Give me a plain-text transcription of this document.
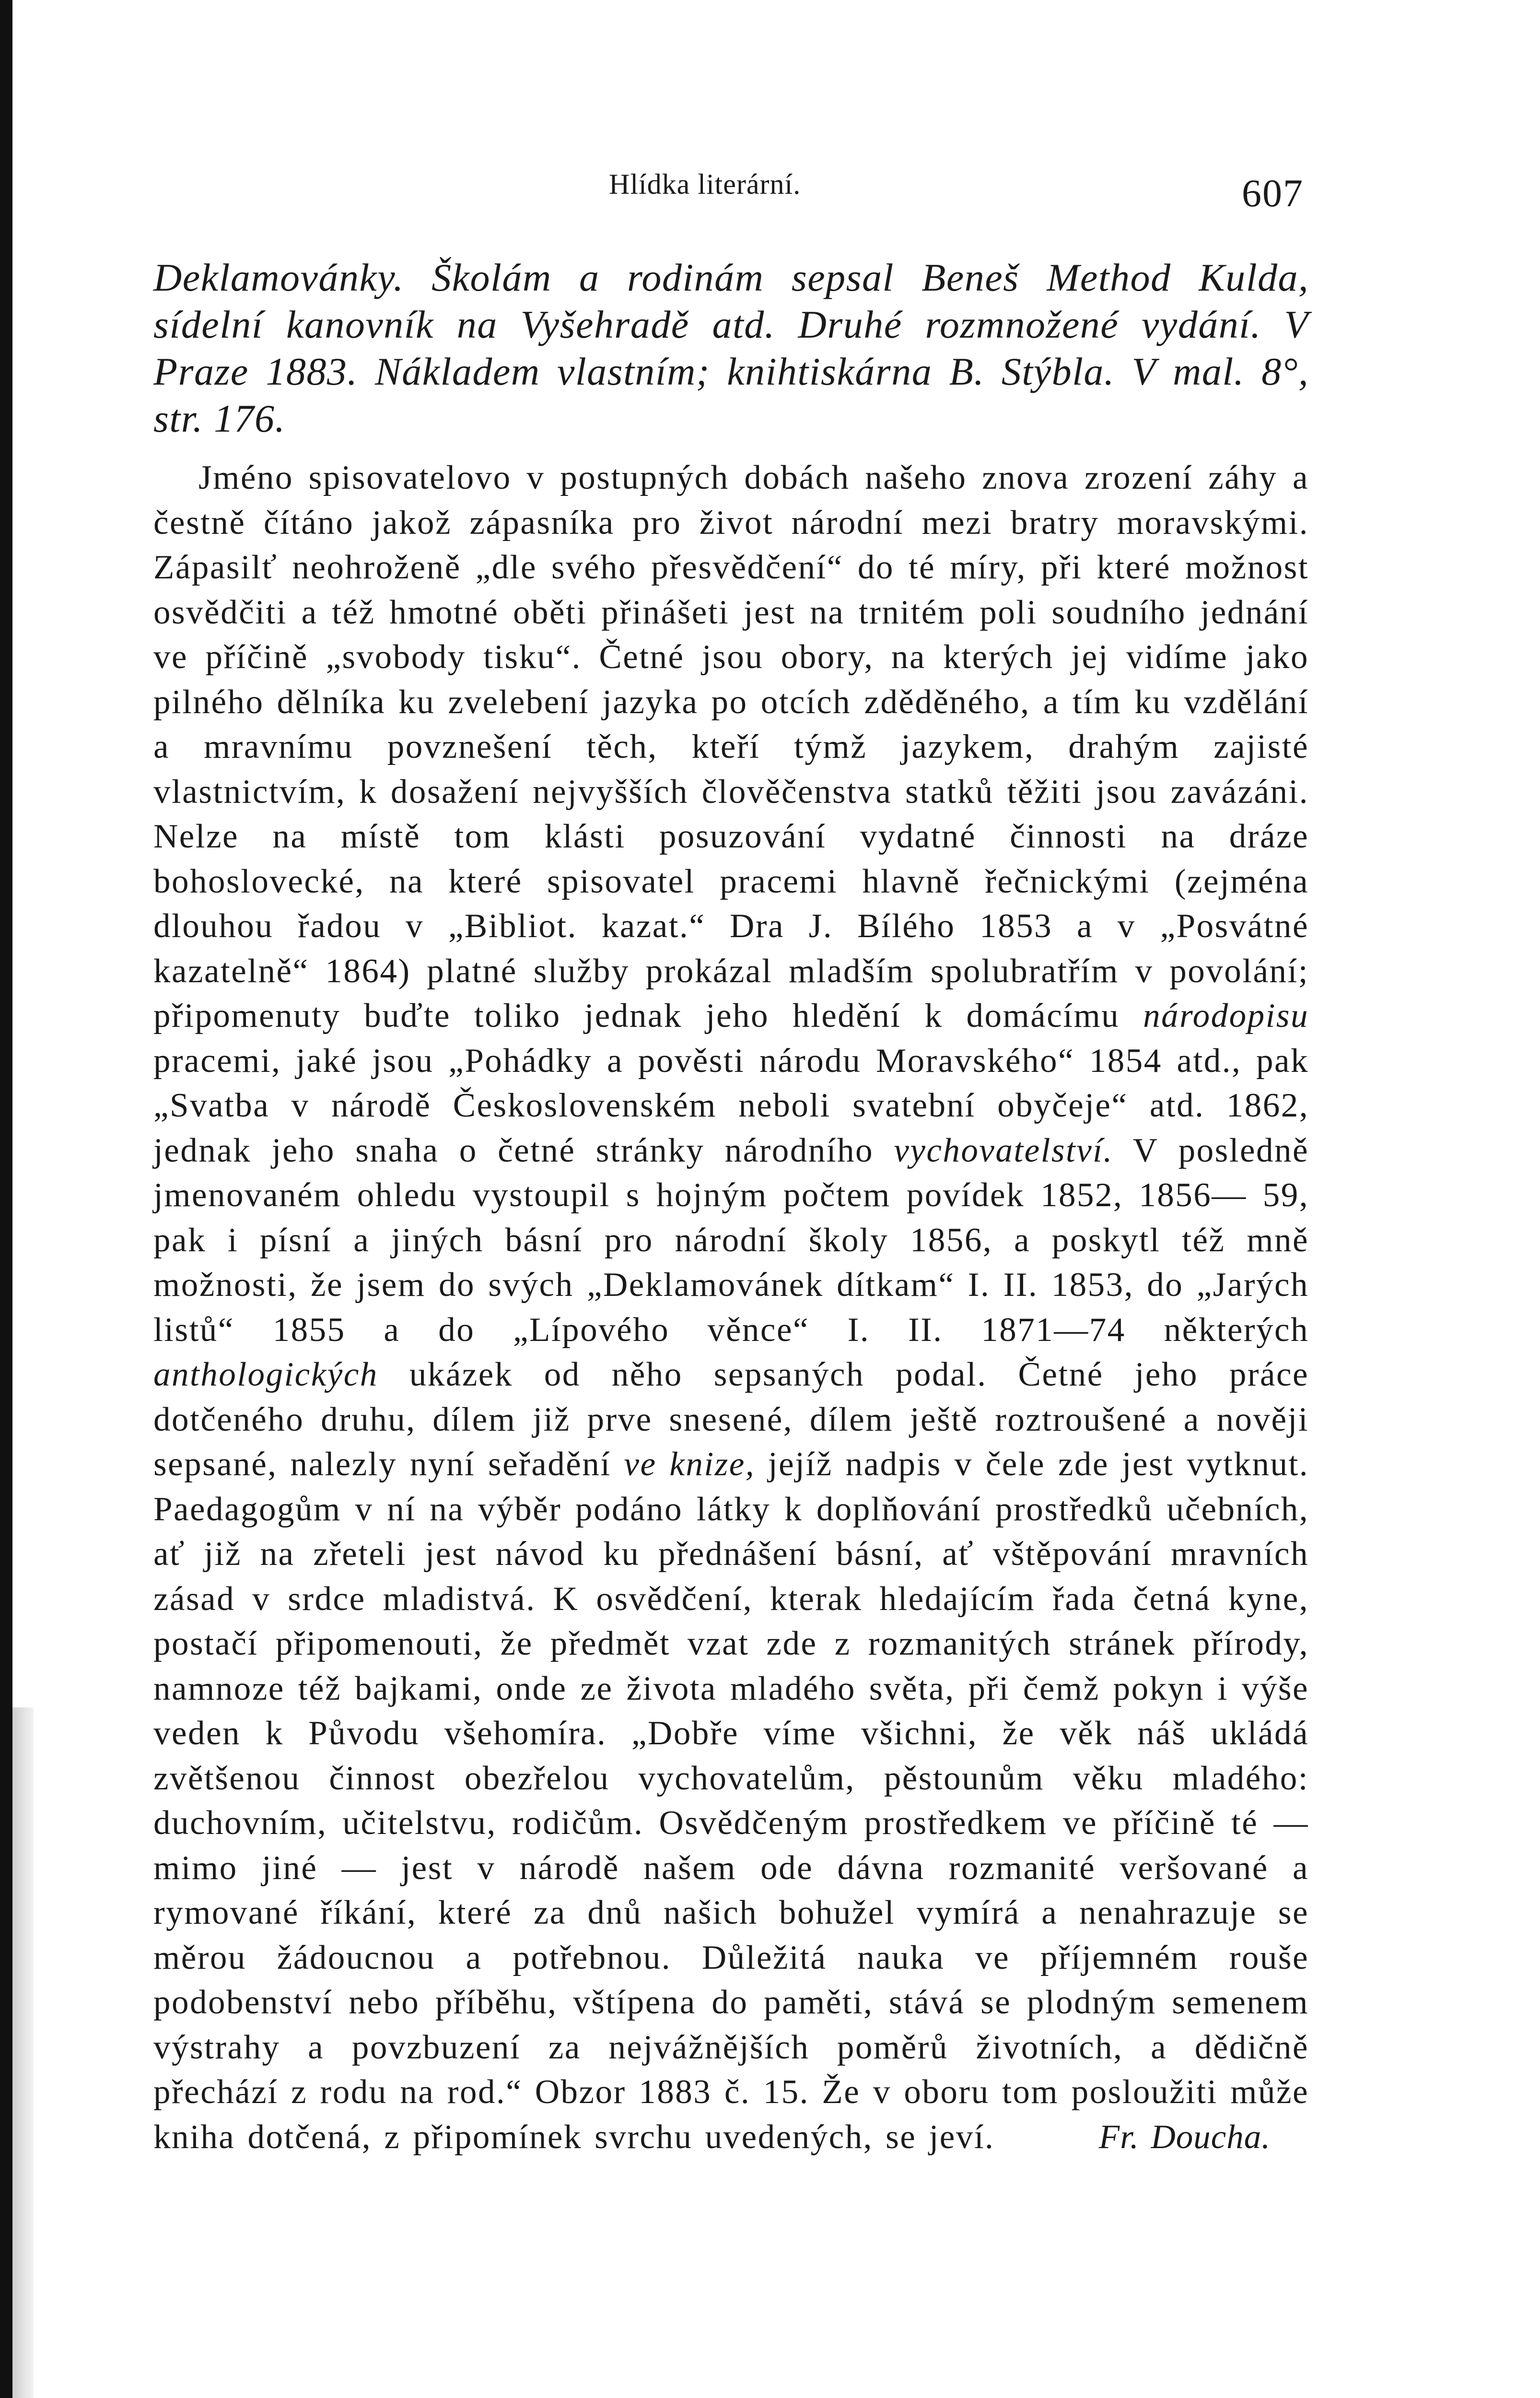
Hlídka literární.	607
Deklamovánky. Školám a rodinám sepsal Beneš Method Kulda, sídelní kanovník na Vyšehradě atd. Druhé rozmnožené vydání. V Praze 1883. Nákladem vlastním; knihtiskárna B. Stýbla. V mal. 8°, str. 176.

Jméno spisovatelovo v postupných dobách našeho znova zrození záhy a čestně čítáno jakož zápasníka pro život národní mezi bratry moravskými. Zápasilť neohroženě „dle svého přesvědčení“ do té míry, při které možnost osvědčiti a též hmotné oběti přinášeti jest na trnitém poli soudního jednání ve příčině „svobody tisku“. Četné jsou obory, na kterých jej vidíme jako pilného dělníka ku zvelebení jazyka po otcích zděděného, a tím ku vzdělání a mravnímu povznešení těch, kteří týmž jazykem, drahým zajisté vlastnictvím, k dosažení nejvyšších člověčenstva statků těžiti jsou zavázáni. Nelze na místě tom klásti posuzování vydatné činnosti na dráze bohoslovecké, na které spisovatel pracemi hlavně řečnickými (zejména dlouhou řadou v „Bibliot. kazat.“ Dra J. Bílého 1853 a v „Posvátné kazatelně“ 1864) platné služby prokázal mladším spolubratřím v povolání; připomenuty buďte toliko jednak jeho hledění k domácímu národopisu pracemi, jaké jsou „Pohádky a pověsti národu Moravského“ 1854 atd., pak „Svatba v národě Československém neboli svatební obyčeje“ atd. 1862, jednak jeho snaha o četné stránky národního vychovatelství. V posledně jmenovaném ohledu vystoupil s hojným počtem povídek 1852, 1856— 59, pak i písní a jiných básní pro národní školy 1856, a poskytl též mně možnosti, že jsem do svých „Deklamovánek dítkam“ I. II. 1853, do „Jarých listů“ 1855 a do „Lípového věnce“ I. II. 1871—74 některých anthologických ukázek od něho sepsaných podal. Četné jeho práce dotčeného druhu, dílem již prve snesené, dílem ještě roztroušené a nověji sepsané, nalezly nyní seřadění ve knize, jejíž nadpis v čele zde jest vytknut. Paedagogům v ní na výběr podáno látky k doplňování prostředků učebních, ať již na zřeteli jest návod ku přednášení básní, ať vštěpování mravních zásad v srdce mladistvá. K osvědčení, kterak hledajícím řada četná kyne, postačí připomenouti, že předmět vzat zde z rozmanitých stránek přírody, namnoze též bajkami, onde ze života mladého světa, při čemž pokyn i výše veden k Původu všehomíra. „Dobře víme všichni, že věk náš ukládá zvětšenou činnost obezřelou vychovatelům, pěstounům věku mladého: duchovním, učitelstvu, rodičům. Osvědčeným prostředkem ve příčině té — mimo jiné — jest v národě našem ode dávna rozmanité veršované a rymované říkání, které za dnů našich bohužel vymírá a nenahrazuje se měrou žádoucnou a potřebnou. Důležitá nauka ve příjemném rouše podobenství nebo příběhu, vštípena do paměti, stává se plodným semenem výstrahy a povzbuzení za nejvážnějších poměrů životních, a dědičně přechází z rodu na rod.“ Obzor 1883 č. 15. Že v oboru tom posloužiti může kniha dotčená, z připomínek svrchu uvedených, se jeví.	Fr. Doucha.
